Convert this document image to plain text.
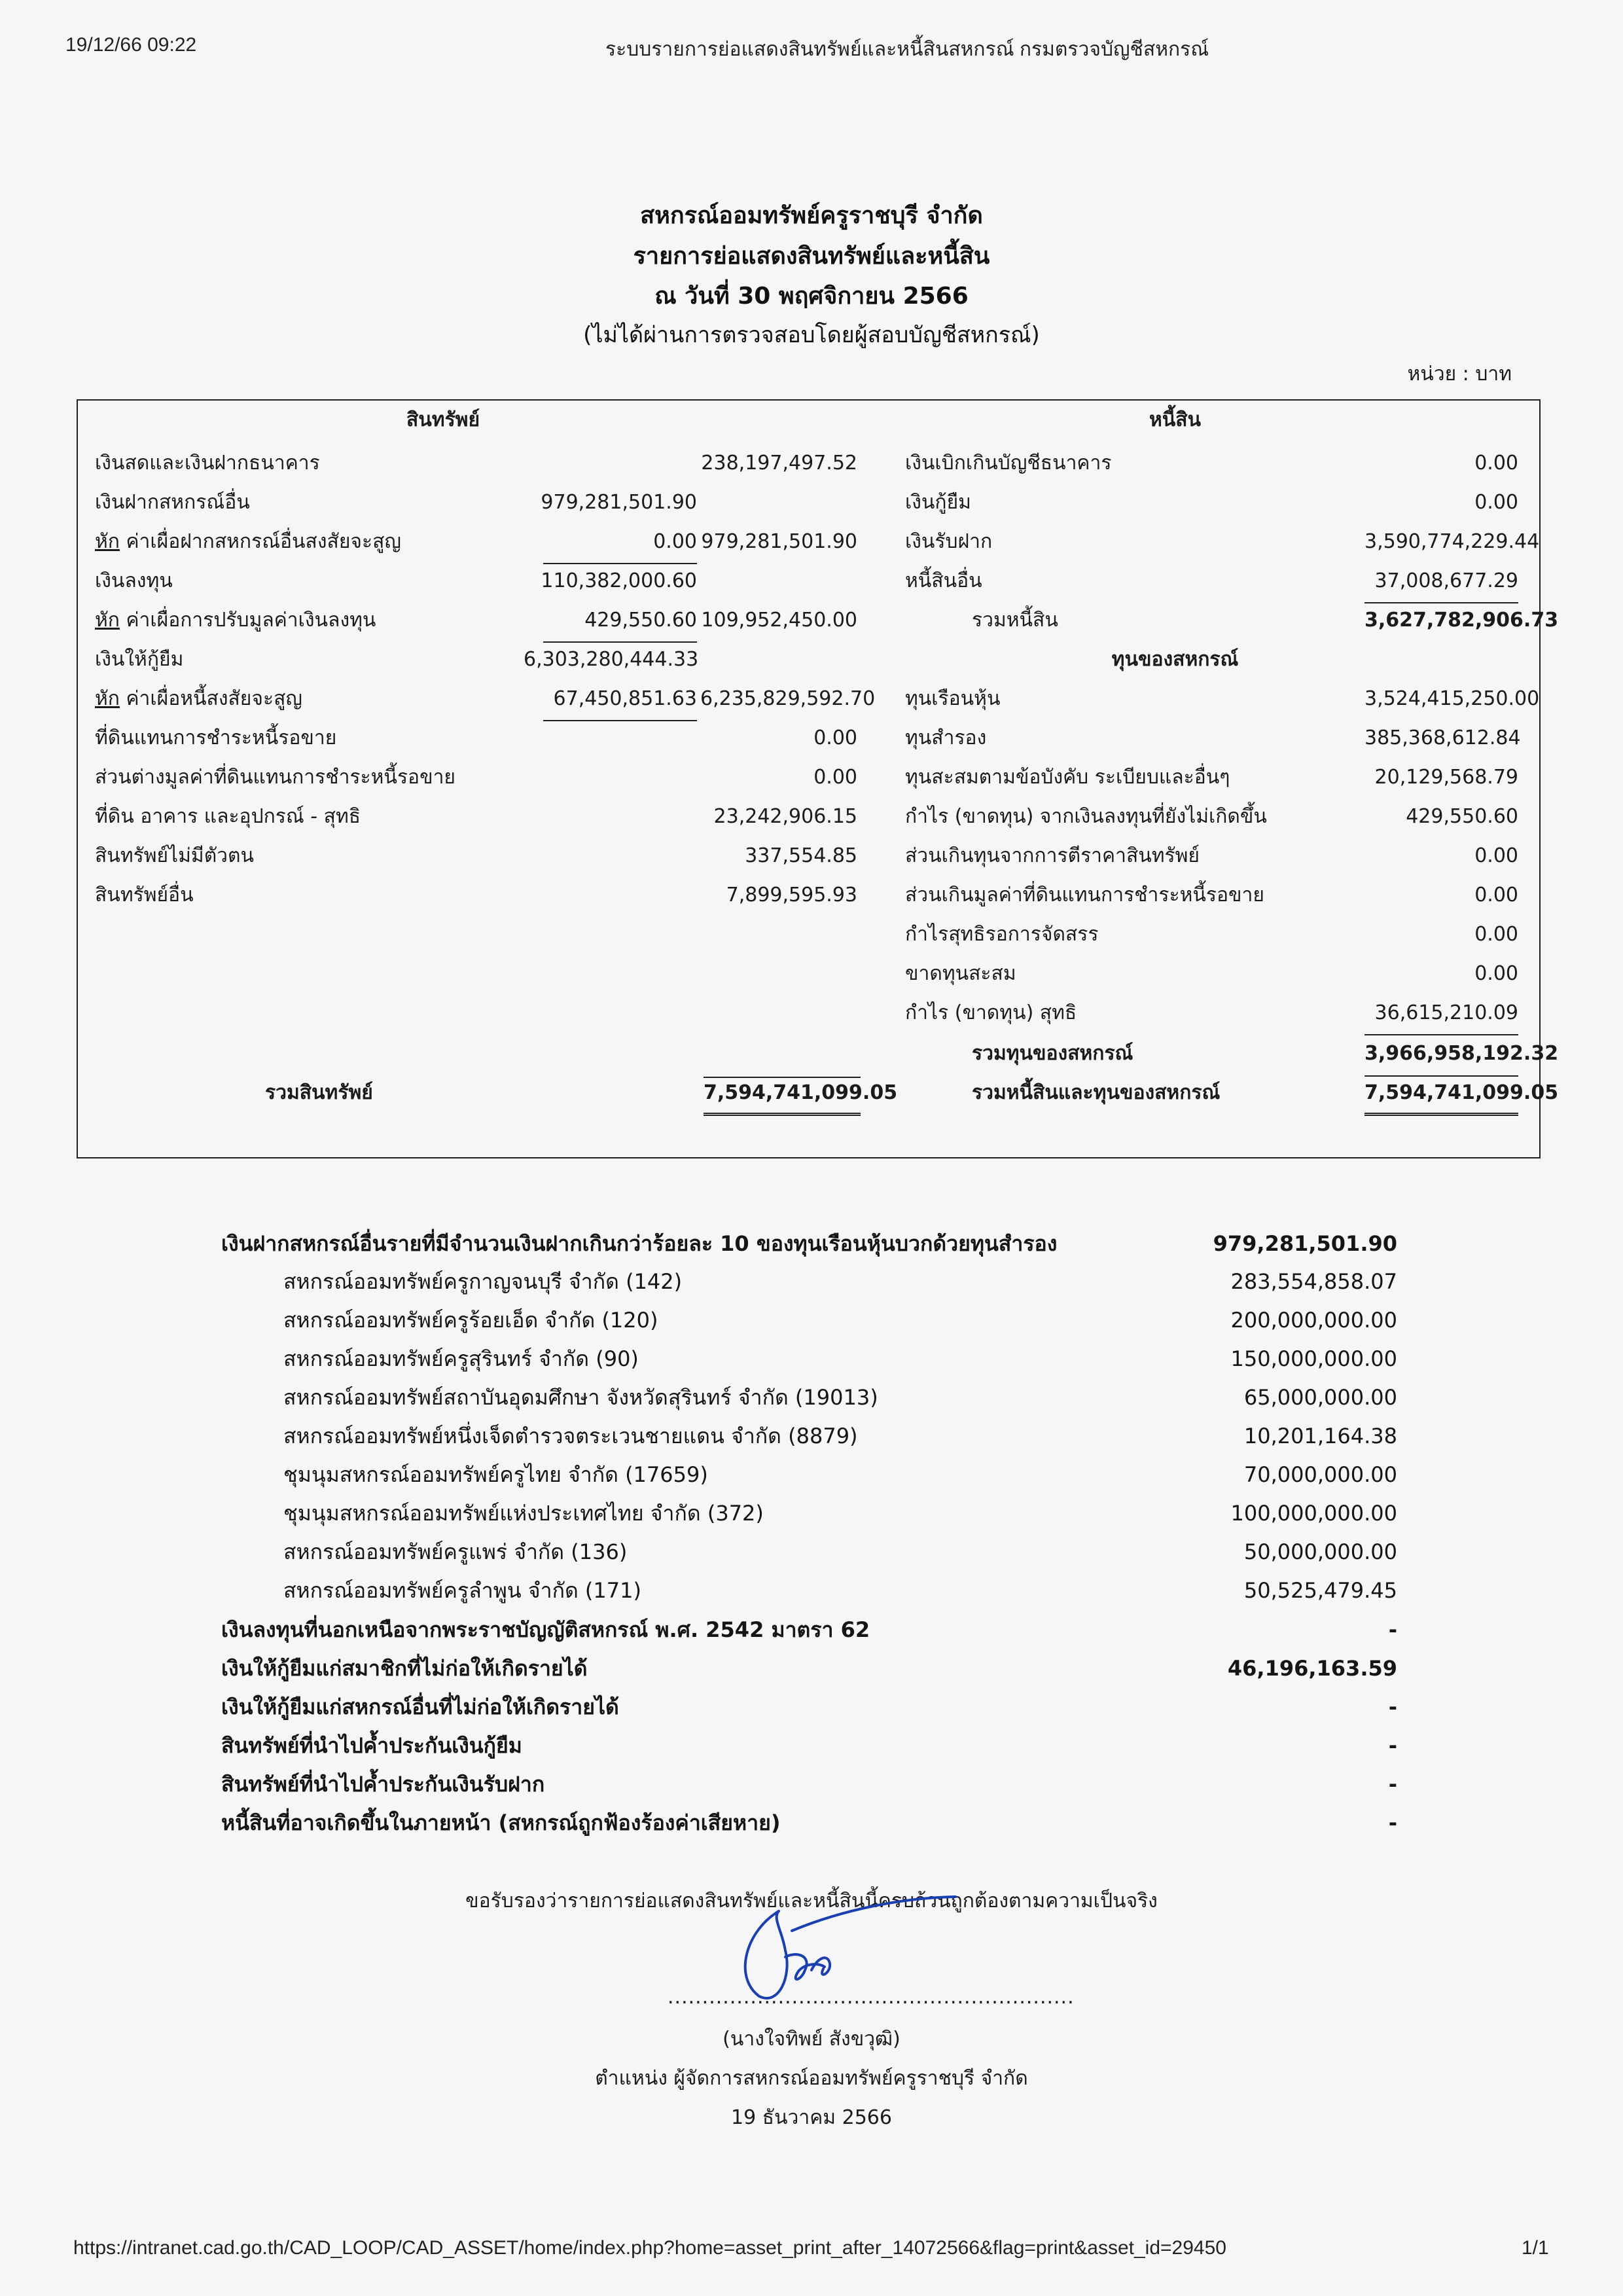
19/12/66 09:22	ระบบรายการย่อแสดงสินทรัพย์และหนี้สินสหกรณ์ กรมตรวจบัญชีสหกรณ์
สหกรณ์ออมทรัพย์ครูราชบุรี จำกัด
รายการย่อแสดงสินทรัพย์และหนี้สิน
ณ วันที่ 30 พฤศจิกายน 2566
(ไม่ได้ผ่านการตรวจสอบโดยผู้สอบบัญชีสหกรณ์)
หน่วย : บาท
สินทรัพย์	หนี้สิน
เงินสดและเงินฝากธนาคาร	238,197,497.52
เงินฝากสหกรณ์อื่น	979,281,501.90
หัก ค่าเผื่อฝากสหกรณ์อื่นสงสัยจะสูญ	0.00 979,281,501.90
เงินลงทุน	110,382,000.60
หัก ค่าเผื่อการปรับมูลค่าเงินลงทุน	429,550.60 109,952,450.00
เงินให้กู้ยืม	6,303,280,444.33
หัก ค่าเผื่อหนี้สงสัยจะสูญ	67,450,851.63 6,235,829,592.70
ที่ดินแทนการชำระหนี้รอขาย	0.00
ส่วนต่างมูลค่าที่ดินแทนการชำระหนี้รอขาย	0.00
ที่ดิน อาคาร และอุปกรณ์ - สุทธิ	23,242,906.15
สินทรัพย์ไม่มีตัวตน	337,554.85
สินทรัพย์อื่น	7,899,595.93
เงินเบิกเกินบัญชีธนาคาร	0.00
เงินกู้ยืม	0.00
เงินรับฝาก	3,590,774,229.44
หนี้สินอื่น	37,008,677.29
รวมหนี้สิน	3,627,782,906.73
ทุนของสหกรณ์
ทุนเรือนหุ้น	3,524,415,250.00
ทุนสำรอง	385,368,612.84
ทุนสะสมตามข้อบังคับ ระเบียบและอื่นๆ	20,129,568.79
กำไร (ขาดทุน) จากเงินลงทุนที่ยังไม่เกิดขึ้น	429,550.60
ส่วนเกินทุนจากการตีราคาสินทรัพย์	0.00
ส่วนเกินมูลค่าที่ดินแทนการชำระหนี้รอขาย	0.00
กำไรสุทธิรอการจัดสรร	0.00
ขาดทุนสะสม	0.00
กำไร (ขาดทุน) สุทธิ	36,615,210.09
รวมสินทรัพย์	7,594,741,099.05
รวมทุนของสหกรณ์	3,966,958,192.32
รวมหนี้สินและทุนของสหกรณ์	7,594,741,099.05
เงินฝากสหกรณ์อื่นรายที่มีจำนวนเงินฝากเกินกว่าร้อยละ 10 ของทุนเรือนหุ้นบวกด้วยทุนสำรอง	979,281,501.90
สหกรณ์ออมทรัพย์ครูกาญจนบุรี จำกัด (142)	283,554,858.07
สหกรณ์ออมทรัพย์ครูร้อยเอ็ด จำกัด (120)	200,000,000.00
สหกรณ์ออมทรัพย์ครูสุรินทร์ จำกัด (90)	150,000,000.00
สหกรณ์ออมทรัพย์สถาบันอุดมศึกษา จังหวัดสุรินทร์ จำกัด (19013)	65,000,000.00
สหกรณ์ออมทรัพย์หนึ่งเจ็ดตำรวจตระเวนชายแดน จำกัด (8879)	10,201,164.38
ชุมนุมสหกรณ์ออมทรัพย์ครูไทย จำกัด (17659)	70,000,000.00
ชุมนุมสหกรณ์ออมทรัพย์แห่งประเทศไทย จำกัด (372)	100,000,000.00
สหกรณ์ออมทรัพย์ครูแพร่ จำกัด (136)	50,000,000.00
สหกรณ์ออมทรัพย์ครูลำพูน จำกัด (171)	50,525,479.45
เงินลงทุนที่นอกเหนือจากพระราชบัญญัติสหกรณ์ พ.ศ. 2542 มาตรา 62	-
เงินให้กู้ยืมแก่สมาชิกที่ไม่ก่อให้เกิดรายได้	46,196,163.59
เงินให้กู้ยืมแก่สหกรณ์อื่นที่ไม่ก่อให้เกิดรายได้	-
สินทรัพย์ที่นำไปค้ำประกันเงินกู้ยืม	-
สินทรัพย์ที่นำไปค้ำประกันเงินรับฝาก	-
หนี้สินที่อาจเกิดขึ้นในภายหน้า (สหกรณ์ถูกฟ้องร้องค่าเสียหาย)	-
ขอรับรองว่ารายการย่อแสดงสินทรัพย์และหนี้สินนี้ครบถ้วนถูกต้องตามความเป็นจริง
...........................................................
(นางใจทิพย์ สังขวุฒิ)
ตำแหน่ง ผู้จัดการสหกรณ์ออมทรัพย์ครูราชบุรี จำกัด
19 ธันวาคม 2566
https://intranet.cad.go.th/CAD_LOOP/CAD_ASSET/home/index.php?home=asset_print_after_14072566&flag=print&asset_id=29450	1/1
